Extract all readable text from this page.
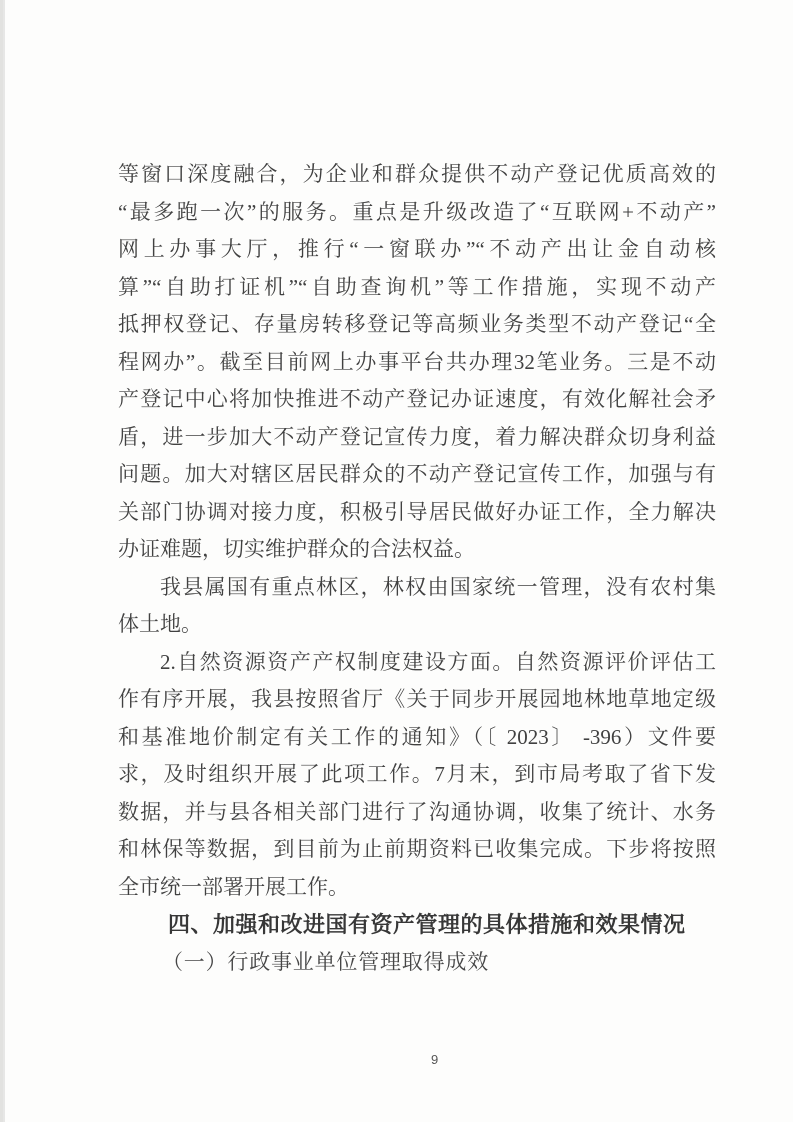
等窗口深度融合，为企业和群众提供不动产登记优质高效的
“最多跑一次”的服务。重点是升级改造了“互联网+不动产”
网上办事大厅，推行“一窗联办”“不动产出让金自动核
算”“自助打证机”“自助查询机”等工作措施，实现不动产
抵押权登记、存量房转移登记等高频业务类型不动产登记“全
程网办”。截至目前网上办事平台共办理32笔业务。三是不动
产登记中心将加快推进不动产登记办证速度，有效化解社会矛
盾，进一步加大不动产登记宣传力度，着力解决群众切身利益
问题。加大对辖区居民群众的不动产登记宣传工作，加强与有
关部门协调对接力度，积极引导居民做好办证工作，全力解决
办证难题，切实维护群众的合法权益。
我县属国有重点林区，林权由国家统一管理，没有农村集
体土地。
2.自然资源资产产权制度建设方面。自然资源评价评估工
作有序开展，我县按照省厅《关于同步开展园地林地草地定级
和基准地价制定有关工作的通知》（〔 2023〕 -396）文件要
求，及时组织开展了此项工作。7月末，到市局考取了省下发
数据，并与县各相关部门进行了沟通协调，收集了统计、水务
和林保等数据，到目前为止前期资料已收集完成。下步将按照
全市统一部署开展工作。
四、加强和改进国有资产管理的具体措施和效果情况
（一）行政事业单位管理取得成效
9
